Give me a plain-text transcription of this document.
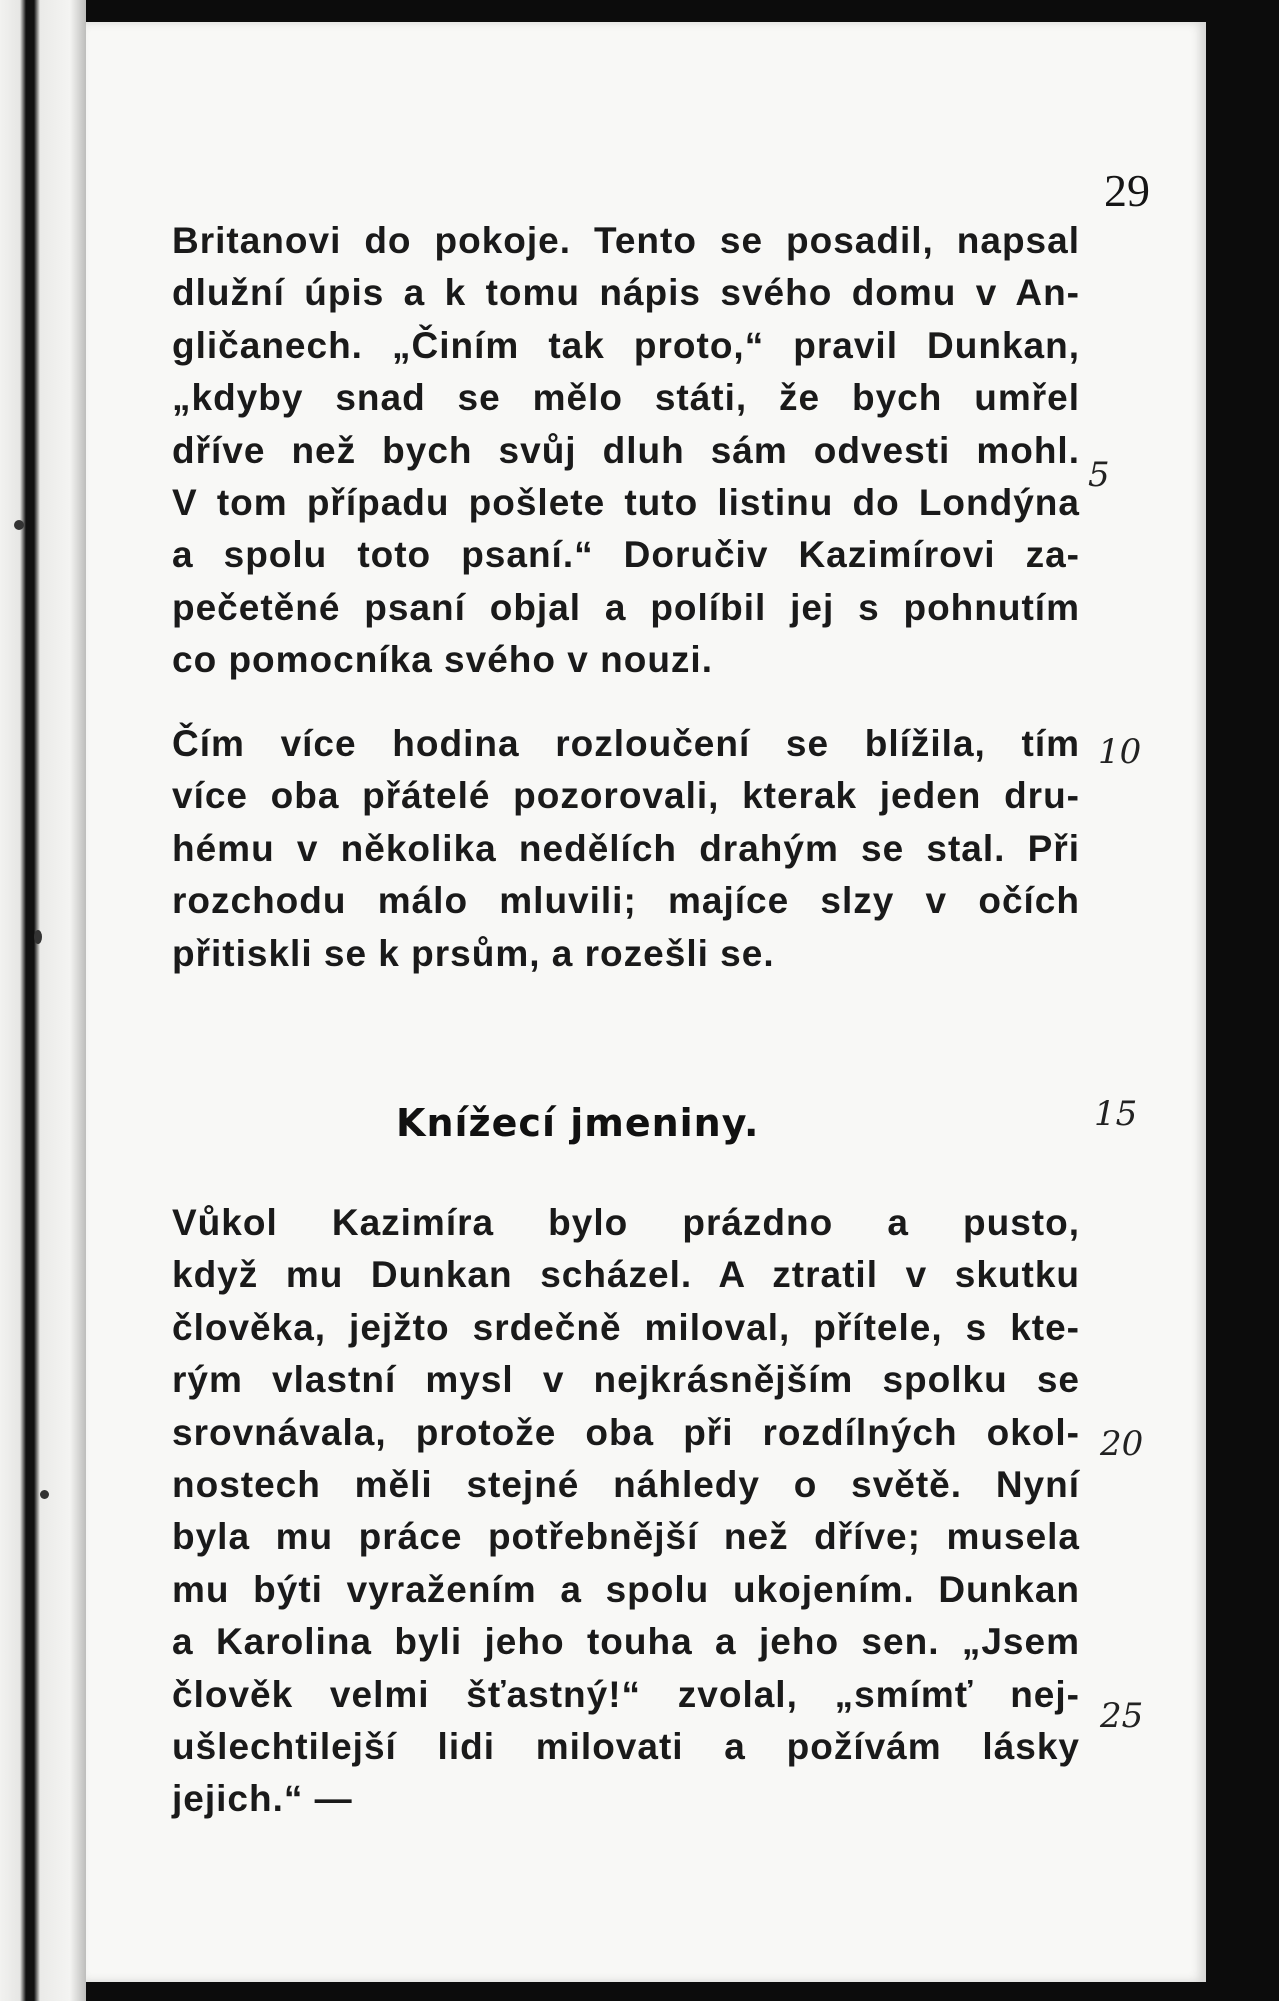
29
Britanovi do pokoje. Tento se posadil, napsal
dlužní úpis a k tomu nápis svého domu v An-
gličanech. „Činím tak proto,“ pravil Dunkan,
„kdyby snad se mělo státi, že bych umřel
dříve než bych svůj dluh sám odvesti mohl.
V tom případu pošlete tuto listinu do Londýna
a spolu toto psaní.“ Doručiv Kazimírovi za-
pečetěné psaní objal a políbil jej s pohnutím
co pomocníka svého v nouzi.
Čím více hodina rozloučení se blížila, tím
více oba přátelé pozorovali, kterak jeden dru-
hému v několika nedělích drahým se stal. Při
rozchodu málo mluvili; majíce slzy v očích
přitiskli se k prsům, a rozešli se.
Knížecí jmeniny.
Vůkol Kazimíra bylo prázdno a pusto,
když mu Dunkan scházel. A ztratil v skutku
člověka, jejžto srdečně miloval, přítele, s kte-
rým vlastní mysl v nejkrásnějším spolku se
srovnávala, protože oba při rozdílných okol-
nostech měli stejné náhledy o světě. Nyní
byla mu práce potřebnější než dříve; musela
mu býti vyražením a spolu ukojením. Dunkan
a Karolina byli jeho touha a jeho sen. „Jsem
člověk velmi šťastný!“ zvolal, „smímť nej-
ušlechtilejší lidi milovati a požívám lásky
jejich.“ —
5
10
15
20
25
